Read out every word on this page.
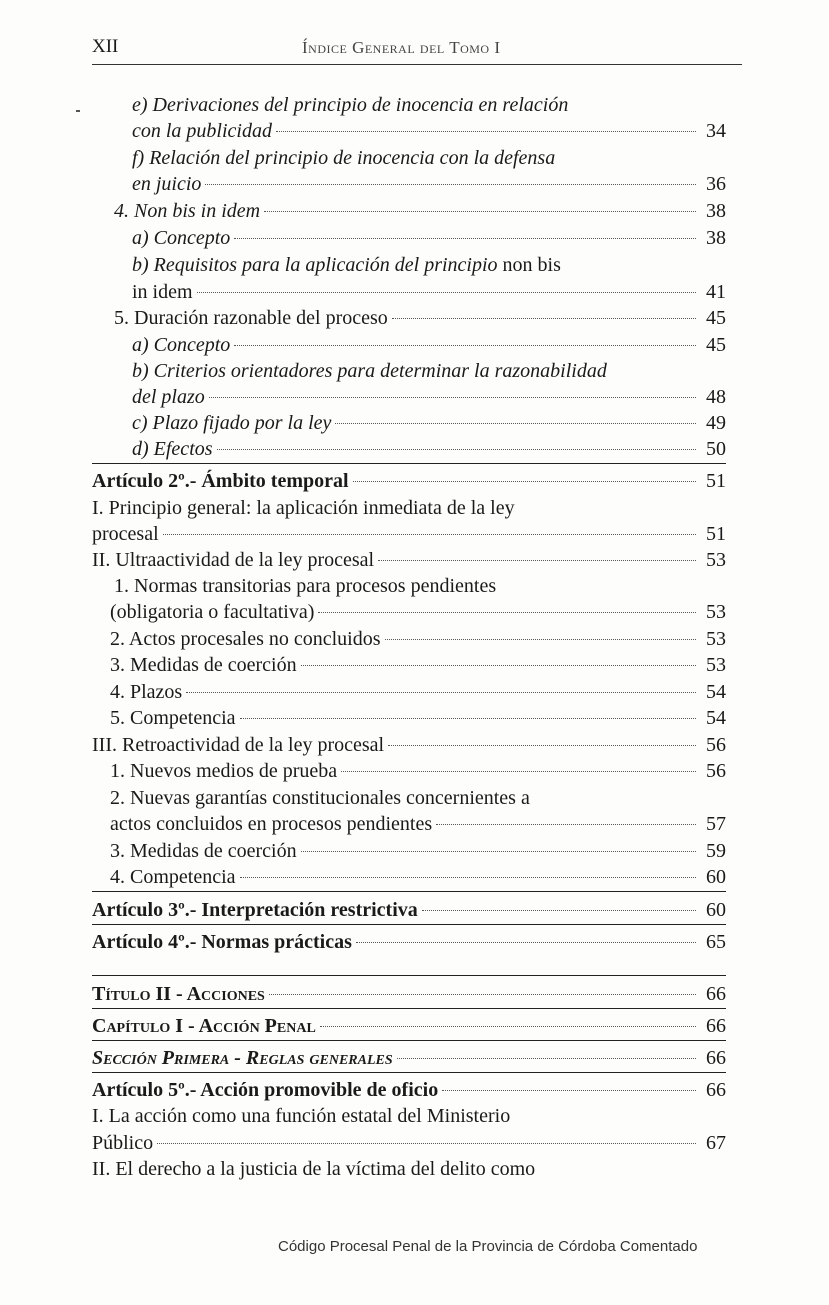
XII	Índice General del Tomo I
e) Derivaciones del principio de inocencia en relación
con la publicidad	34
f) Relación del principio de inocencia con la defensa
en juicio	36
4. Non bis in idem	38
a) Concepto	38
b) Requisitos para la aplicación del principio non bis
in idem	41
5. Duración razonable del proceso	45
a) Concepto	45
b) Criterios orientadores para determinar la razonabilidad
del plazo	48
c) Plazo fijado por la ley	49
d) Efectos	50
Artículo 2º.- Ámbito temporal	51
I. Principio general: la aplicación inmediata de la ley
procesal	51
II. Ultraactividad de la ley procesal	53
1. Normas transitorias para procesos pendientes
(obligatoria o facultativa)	53
2. Actos procesales no concluidos	53
3. Medidas de coerción	53
4. Plazos	54
5. Competencia	54
III. Retroactividad de la ley procesal	56
1. Nuevos medios de prueba	56
2. Nuevas garantías constitucionales concernientes a
actos concluidos en procesos pendientes	57
3. Medidas de coerción	59
4. Competencia	60
Artículo 3º.- Interpretación restrictiva	60
Artículo 4º.- Normas prácticas	65
Título II - Acciones	66
Capítulo I - Acción Penal	66
Sección Primera - Reglas generales	66
Artículo 5º.- Acción promovible de oficio	66
I. La acción como una función estatal del Ministerio
Público	67
II. El derecho a la justicia de la víctima del delito como
Código Procesal Penal de la Provincia de Córdoba Comentado
